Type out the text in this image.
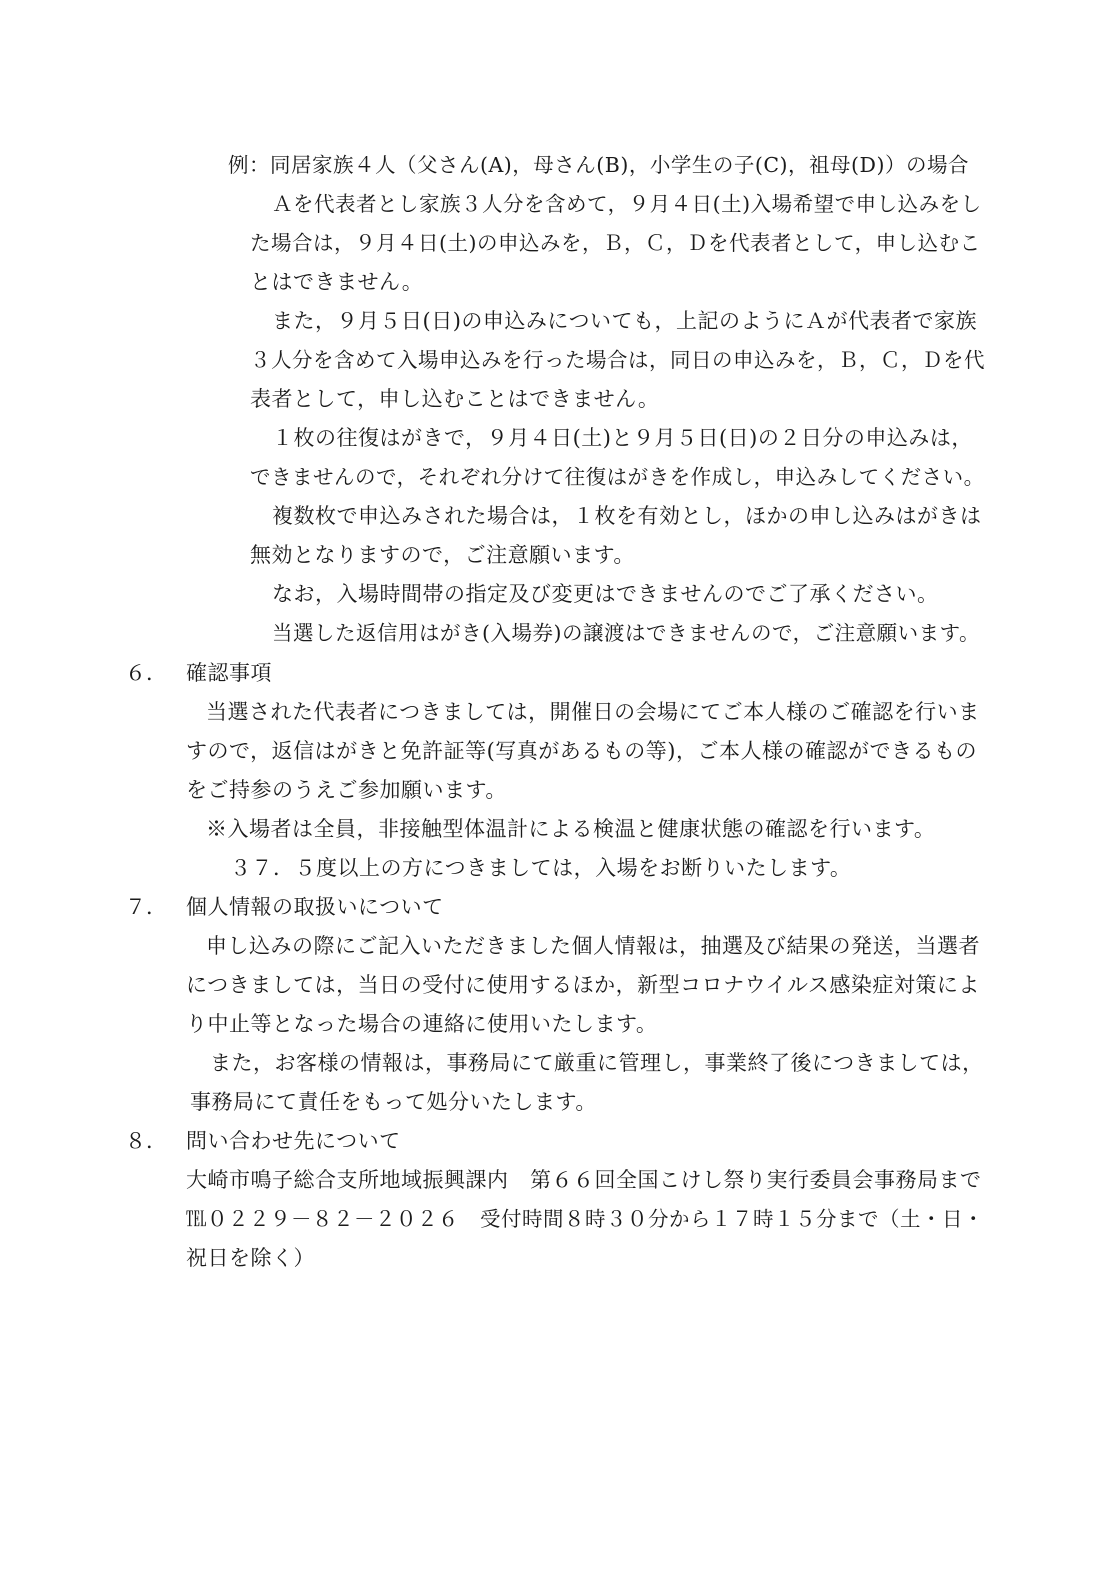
例：同居家族４人（父さん(A)，母さん(B)，小学生の子(C)，祖母(D)）の場合
Ａを代表者とし家族３人分を含めて，９月４日(土)入場希望で申し込みをし
た場合は，９月４日(土)の申込みを，Ｂ，Ｃ，Ｄを代表者として，申し込むこ
とはできません。
また，９月５日(日)の申込みについても，上記のようにＡが代表者で家族
３人分を含めて入場申込みを行った場合は，同日の申込みを，Ｂ，Ｃ，Ｄを代
表者として，申し込むことはできません。
１枚の往復はがきで，９月４日(土)と９月５日(日)の２日分の申込みは，
できませんので，それぞれ分けて往復はがきを作成し，申込みしてください。
複数枚で申込みされた場合は，１枚を有効とし，ほかの申し込みはがきは
無効となりますので，ご注意願います。
なお，入場時間帯の指定及び変更はできませんのでご了承ください。
当選した返信用はがき(入場券)の譲渡はできませんので，ご注意願います。
６． 確認事項
当選された代表者につきましては，開催日の会場にてご本人様のご確認を行いま
すので，返信はがきと免許証等(写真があるもの等)，ご本人様の確認ができるもの
をご持参のうえご参加願います。
※入場者は全員，非接触型体温計による検温と健康状態の確認を行います。
３７．５度以上の方につきましては，入場をお断りいたします。
７． 個人情報の取扱いについて
申し込みの際にご記入いただきました個人情報は，抽選及び結果の発送，当選者
につきましては，当日の受付に使用するほか，新型コロナウイルス感染症対策によ
り中止等となった場合の連絡に使用いたします。
また，お客様の情報は，事務局にて厳重に管理し，事業終了後につきましては，
事務局にて責任をもって処分いたします。
８． 問い合わせ先について
大崎市鳴子総合支所地域振興課内　第６６回全国こけし祭り実行委員会事務局まで
℡０２２９－８２－２０２６　受付時間８時３０分から１７時１５分まで（土・日・
祝日を除く）
